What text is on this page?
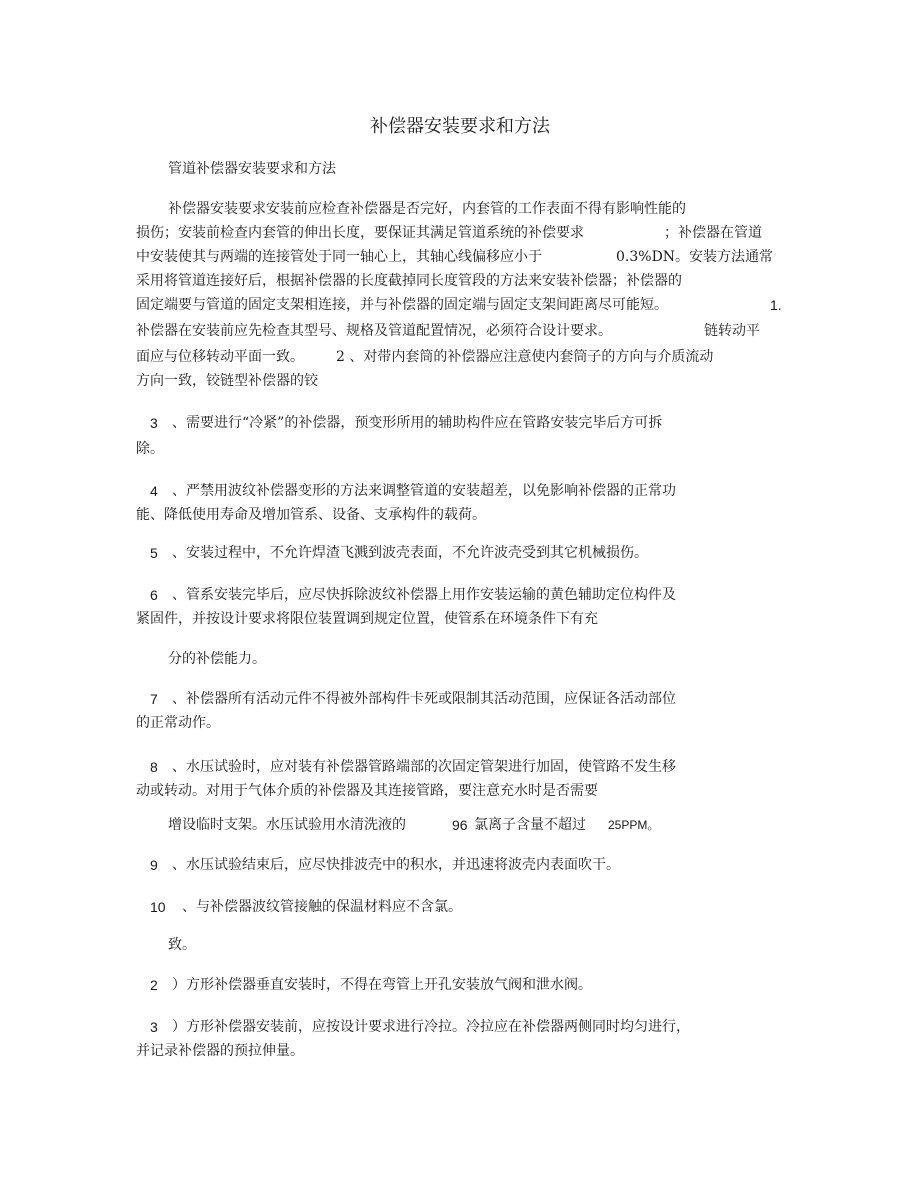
补偿器安装要求和方法
管道补偿器安装要求和方法
补偿器安装要求安装前应检查补偿器是否完好，内套管的工作表面不得有影响性能的
损伤；安装前检查内套管的伸出长度，要保证其满足管道系统的补偿要求	；补偿器在管道
中安装使其与两端的连接管处于同一轴心上，其轴心线偏移应小于	0.3%DN。安装方法通常
采用将管道连接好后，根据补偿器的长度截掉同长度管段的方法来安装补偿器；补偿器的
固定端要与管道的固定支架相连接，并与补偿器的固定端与固定支架间距离尽可能短。	1.
补偿器在安装前应先检查其型号、规格及管道配置情况，必须符合设计要求。	链转动平
面应与位移转动平面一致。 2 、对带内套筒的补偿器应注意使内套筒子的方向与介质流动
方向一致，铰链型补偿器的铰
3 、需要进行“冷紧”的补偿器，预变形所用的辅助构件应在管路安装完毕后方可拆
除。
4 、严禁用波纹补偿器变形的方法来调整管道的安装超差，以免影响补偿器的正常功
能、降低使用寿命及增加管系、设备、支承构件的载荷。
5 、安装过程中，不允许焊渣飞溅到波壳表面，不允许波壳受到其它机械损伤。
6 、管系安装完毕后，应尽快拆除波纹补偿器上用作安装运输的黄色辅助定位构件及
紧固件，并按设计要求将限位装置调到规定位置，使管系在环境条件下有充
分的补偿能力。
7 、补偿器所有活动元件不得被外部构件卡死或限制其活动范围，应保证各活动部位
的正常动作。
8 、水压试验时，应对装有补偿器管路端部的次固定管架进行加固，使管路不发生移
动或转动。对用于气体介质的补偿器及其连接管路，要注意充水时是否需要
增设临时支架。水压试验用水清洗液的	96 氯离子含量不超过 25PPM。
9 、水压试验结束后，应尽快排波壳中的积水，并迅速将波壳内表面吹干。
10 、与补偿器波纹管接触的保温材料应不含氯。
致。
2 ）方形补偿器垂直安装时，不得在弯管上开孔安装放气阀和泄水阀。
3 ）方形补偿器安装前，应按设计要求进行冷拉。冷拉应在补偿器两侧同时均匀进行，
并记录补偿器的预拉伸量。
